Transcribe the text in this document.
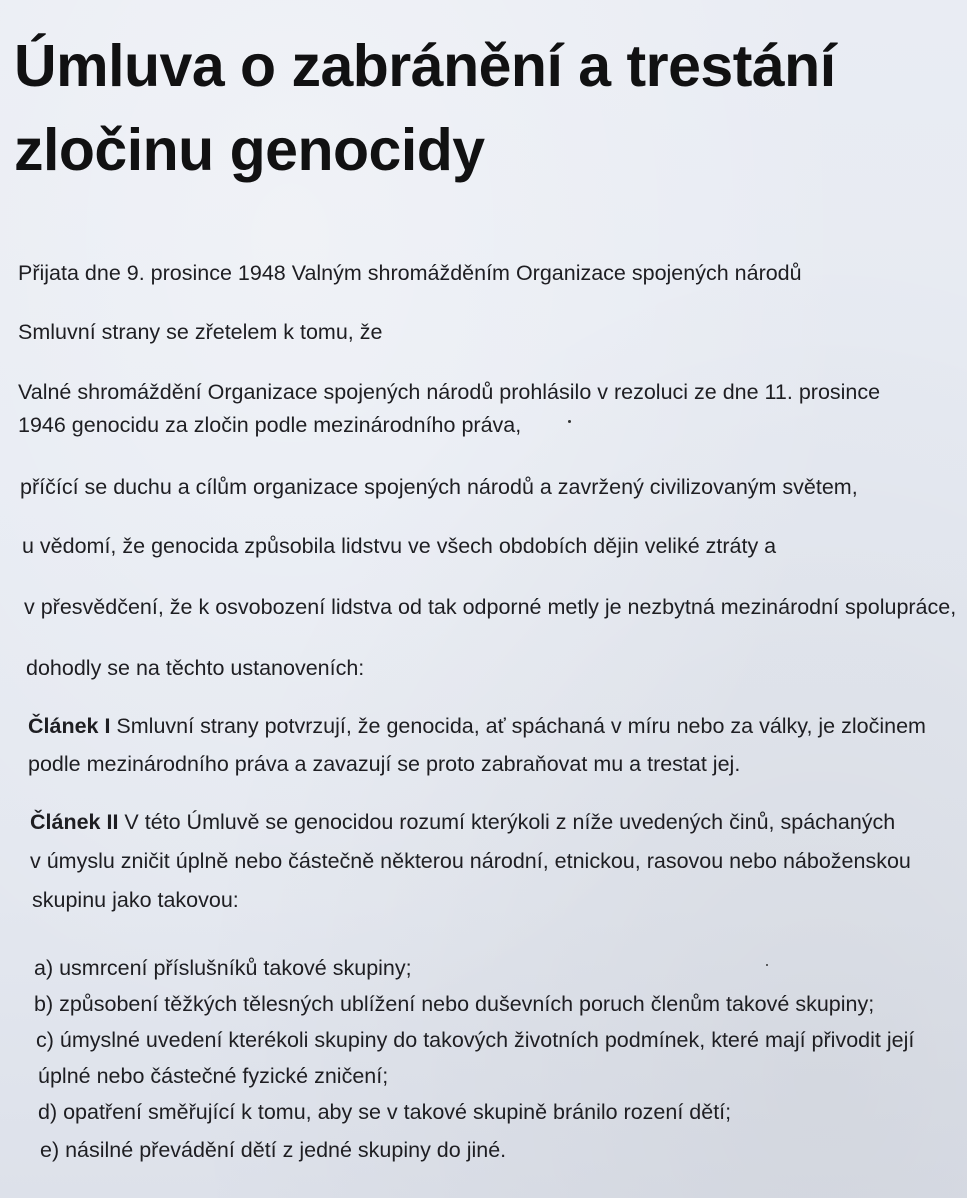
Úmluva o zabránění a trestání
zločinu genocidy

Přijata dne 9. prosince 1948 Valným shromážděním Organizace spojených národů

Smluvní strany se zřetelem k tomu, že

Valné shromáždění Organizace spojených národů prohlásilo v rezoluci ze dne 11. prosince

1946 genocidu za zločin podle mezinárodního práva,

příčící se duchu a cílům organizace spojených národů a zavržený civilizovaným světem,

u vědomí, že genocida způsobila lidstvu ve všech obdobích dějin veliké ztráty a

v přesvědčení, že k osvobození lidstva od tak odporné metly je nezbytná mezinárodní spolupráce,

dohodly se na těchto ustanoveních:

Článek I Smluvní strany potvrzují, že genocida, ať spáchaná v míru nebo za války, je zločinem

podle mezinárodního práva a zavazují se proto zabraňovat mu a trestat jej.

Článek II V této Úmluvě se genocidou rozumí kterýkoli z níže uvedených činů, spáchaných

v úmyslu zničit úplně nebo částečně některou národní, etnickou, rasovou nebo náboženskou

skupinu jako takovou:

a) usmrcení příslušníků takové skupiny;

b) způsobení těžkých tělesných ublížení nebo duševních poruch členům takové skupiny;

c) úmyslné uvedení kterékoli skupiny do takových životních podmínek, které mají přivodit její

úplné nebo částečné fyzické zničení;

d) opatření směřující k tomu, aby se v takové skupině bránilo rození dětí;

e) násilné převádění dětí z jedné skupiny do jiné.
